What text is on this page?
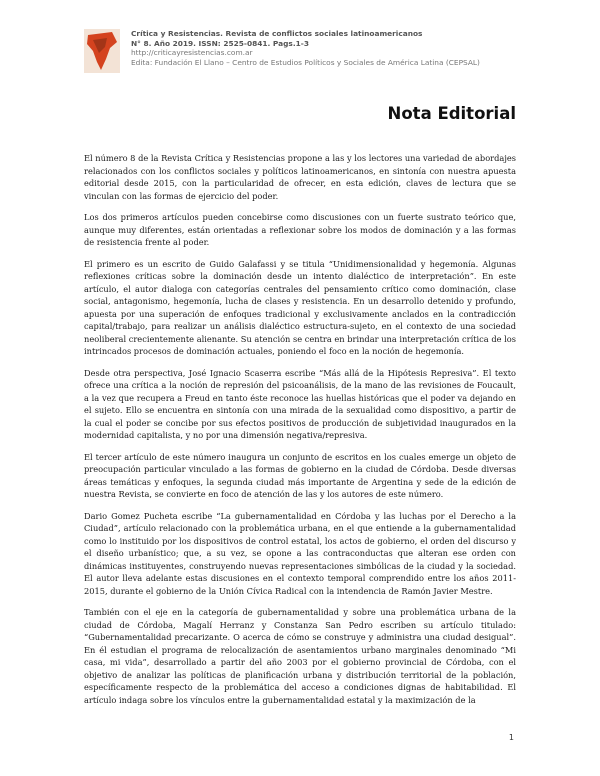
Crítica y Resistencias. Revista de conflictos sociales latinoamericanos
N° 8. Año 2019. ISSN: 2525-0841. Pags.1-3
http://criticayresistencias.com.ar
Edita: Fundación El Llano – Centro de Estudios Políticos y Sociales de América Latina (CEPSAL)
Nota Editorial

El número 8 de la Revista Crítica y Resistencias propone a las y los lectores una variedad de abordajes relacionados con los conflictos sociales y políticos latinoamericanos, en sintonía con nuestra apuesta editorial desde 2015, con la particularidad de ofrecer, en esta edición, claves de lectura que se vinculan con las formas de ejercicio del poder.

Los dos primeros artículos pueden concebirse como discusiones con un fuerte sustrato teórico que, aunque muy diferentes, están orientadas a reflexionar sobre los modos de dominación y a las formas de resistencia frente al poder.

El primero es un escrito de Guido Galafassi y se titula “Unidimensionalidad y hegemonía. Algunas reflexiones críticas sobre la dominación desde un intento dialéctico de interpretación”. En este artículo, el autor dialoga con categorías centrales del pensamiento crítico como dominación, clase social, antagonismo, hegemonía, lucha de clases y resistencia. En un desarrollo detenido y profundo, apuesta por una superación de enfoques tradicional y exclusivamente anclados en la contradicción capital/trabajo, para realizar un análisis dialéctico estructura-sujeto, en el contexto de una sociedad neoliberal crecientemente alienante. Su atención se centra en brindar una interpretación crítica de los intrincados procesos de dominación actuales, poniendo el foco en la noción de hegemonía.

Desde otra perspectiva, José Ignacio Scaserra escribe “Más allá de la Hipótesis Represiva”. El texto ofrece una crítica a la noción de represión del psicoanálisis, de la mano de las revisiones de Foucault, a la vez que recupera a Freud en tanto éste reconoce las huellas históricas que el poder va dejando en el sujeto. Ello se encuentra en sintonía con una mirada de la sexualidad como dispositivo, a partir de la cual el poder se concibe por sus efectos positivos de producción de subjetividad inaugurados en la modernidad capitalista, y no por una dimensión negativa/represiva.

El tercer artículo de este número inaugura un conjunto de escritos en los cuales emerge un objeto de preocupación particular vinculado a las formas de gobierno en la ciudad de Córdoba. Desde diversas áreas temáticas y enfoques, la segunda ciudad más importante de Argentina y sede de la edición de nuestra Revista, se convierte en foco de atención de las y los autores de este número.

Dario Gomez Pucheta escribe “La gubernamentalidad en Córdoba y las luchas por el Derecho a la Ciudad”, artículo relacionado con la problemática urbana, en el que entiende a la gubernamentalidad como lo instituido por los dispositivos de control estatal, los actos de gobierno, el orden del discurso y el diseño urbanístico; que, a su vez, se opone a las contraconductas que alteran ese orden con dinámicas instituyentes, construyendo nuevas representaciones simbólicas de la ciudad y la sociedad. El autor lleva adelante estas discusiones en el contexto temporal comprendido entre los años 2011-2015, durante el gobierno de la Unión Cívica Radical con la intendencia de Ramón Javier Mestre.

También con el eje en la categoría de gubernamentalidad y sobre una problemática urbana de la ciudad de Córdoba, Magalí Herranz y Constanza San Pedro escriben su artículo titulado: “Gubernamentalidad precarizante. O acerca de cómo se construye y administra una ciudad desigual”. En él estudian el programa de relocalización de asentamientos urbano marginales denominado “Mi casa, mi vida”, desarrollado a partir del año 2003 por el gobierno provincial de Córdoba, con el objetivo de analizar las políticas de planificación urbana y distribución territorial de la población, específicamente respecto de la problemática del acceso a condiciones dignas de habitabilidad. El artículo indaga sobre los vínculos entre la gubernamentalidad estatal y la maximización de la

1
